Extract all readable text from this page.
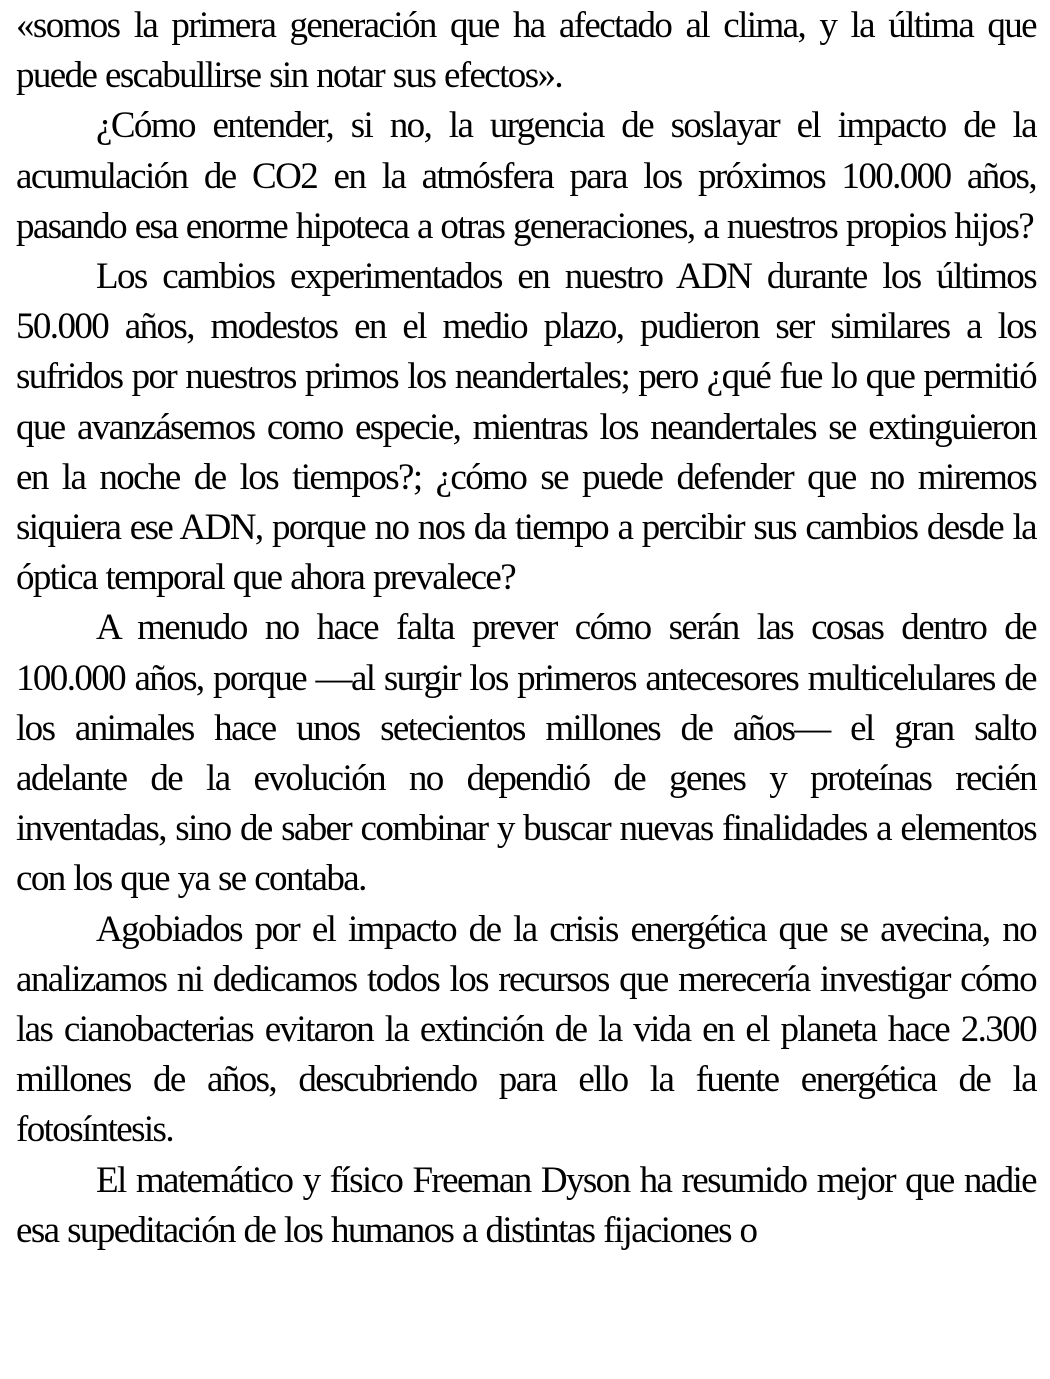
«somos la primera generación que ha afectado al clima, y la última que puede escabullirse sin notar sus efectos».

¿Cómo entender, si no, la urgencia de soslayar el impacto de la acumulación de CO2 en la atmósfera para los próximos 100.000 años, pasando esa enorme hipoteca a otras generaciones, a nuestros propios hijos?

Los cambios experimentados en nuestro ADN durante los últimos 50.000 años, modestos en el medio plazo, pudieron ser similares a los sufridos por nuestros primos los neandertales; pero ¿qué fue lo que permitió que avanzásemos como especie, mientras los neandertales se extinguieron en la noche de los tiempos?; ¿cómo se puede defender que no miremos siquiera ese ADN, porque no nos da tiempo a percibir sus cambios desde la óptica temporal que ahora prevalece?

A menudo no hace falta prever cómo serán las cosas dentro de 100.000 años, porque —al surgir los primeros antecesores multicelulares de los animales hace unos setecientos millones de años— el gran salto adelante de la evolución no dependió de genes y proteínas recién inventadas, sino de saber combinar y buscar nuevas finalidades a elementos con los que ya se contaba.

Agobiados por el impacto de la crisis energética que se avecina, no analizamos ni dedicamos todos los recursos que merecería investigar cómo las cianobacterias evitaron la extinción de la vida en el planeta hace 2.300 millones de años, descubriendo para ello la fuente energética de la fotosíntesis.

El matemático y físico Freeman Dyson ha resumido mejor que nadie esa supeditación de los humanos a distintas fijaciones o
